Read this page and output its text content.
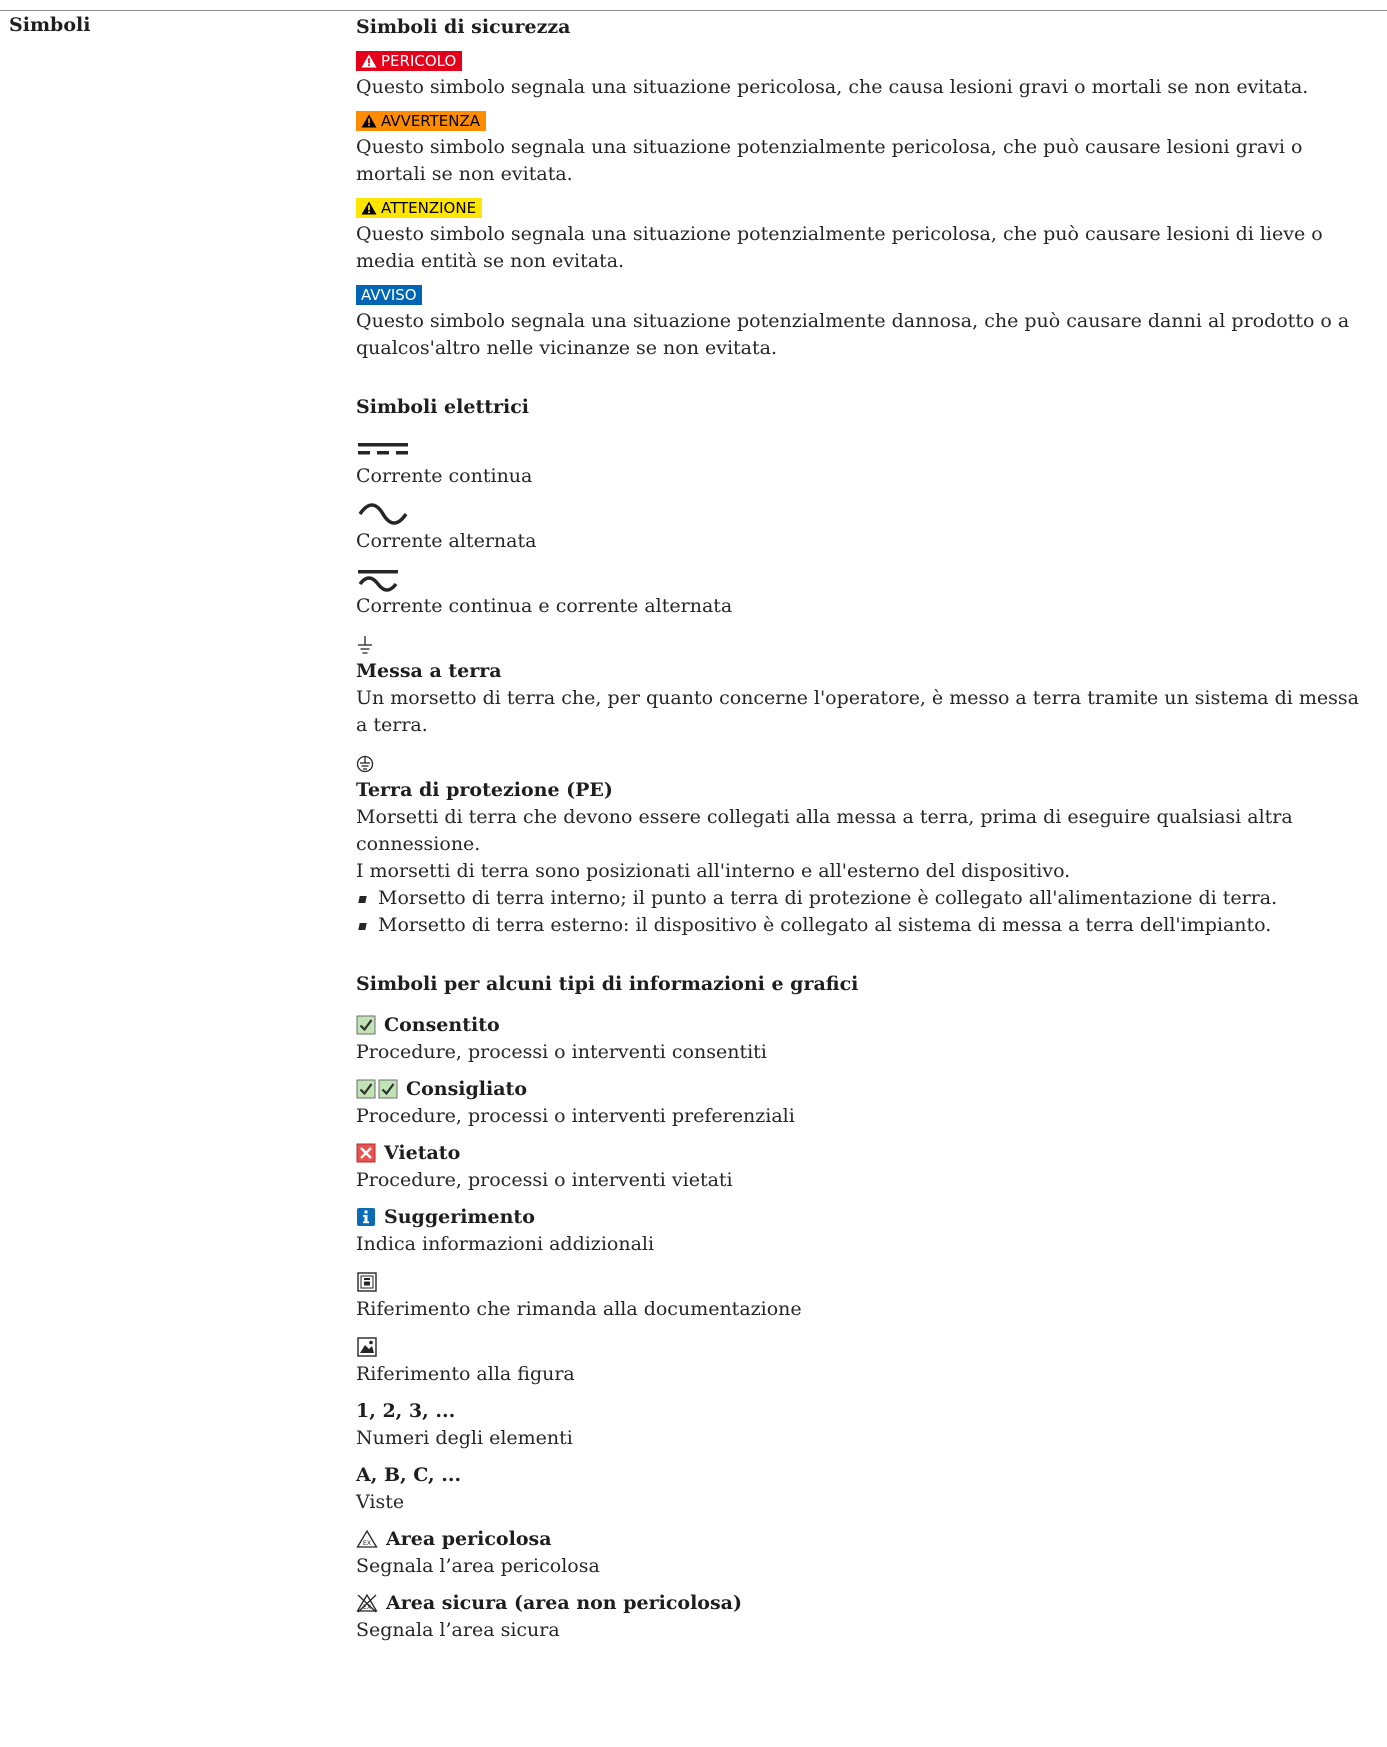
Simboli	Simboli di sicurezza
PERICOLO

Questo simbolo segnala una situazione pericolosa, che causa lesioni gravi o mortali se non evitata.

AVVERTENZA

Questo simbolo segnala una situazione potenzialmente pericolosa, che può causare lesioni gravi o mortali se non evitata.

ATTENZIONE

Questo simbolo segnala una situazione potenzialmente pericolosa, che può causare lesioni di lieve o media entità se non evitata.

AVVISO

Questo simbolo segnala una situazione potenzialmente dannosa, che può causare danni al prodotto o a qualcos'altro nelle vicinanze se non evitata.

Simboli elettrici

Corrente continua

Corrente alternata

Corrente continua e corrente alternata

Messa a terra

Un morsetto di terra che, per quanto concerne l'operatore, è messo a terra tramite un sistema di messa a terra.

Terra di protezione (PE)

Morsetti di terra che devono essere collegati alla messa a terra, prima di eseguire qualsiasi altra connessione.

I morsetti di terra sono posizionati all'interno e all'esterno del dispositivo.

Morsetto di terra interno; il punto a terra di protezione è collegato all'alimentazione di terra.
Morsetto di terra esterno: il dispositivo è collegato al sistema di messa a terra dell'impianto.
Simboli per alcuni tipi di informazioni e grafici

Consentito

Procedure, processi o interventi consentiti

Consigliato

Procedure, processi o interventi preferenziali

Vietato

Procedure, processi o interventi vietati

Suggerimento

Indica informazioni addizionali

Riferimento che rimanda alla documentazione

Riferimento alla figura

1, 2, 3, ...

Numeri degli elementi

A, B, C, ...

Viste

EX Area pericolosa

Segnala l’area pericolosa

EX Area sicura (area non pericolosa)

Segnala l’area sicura
